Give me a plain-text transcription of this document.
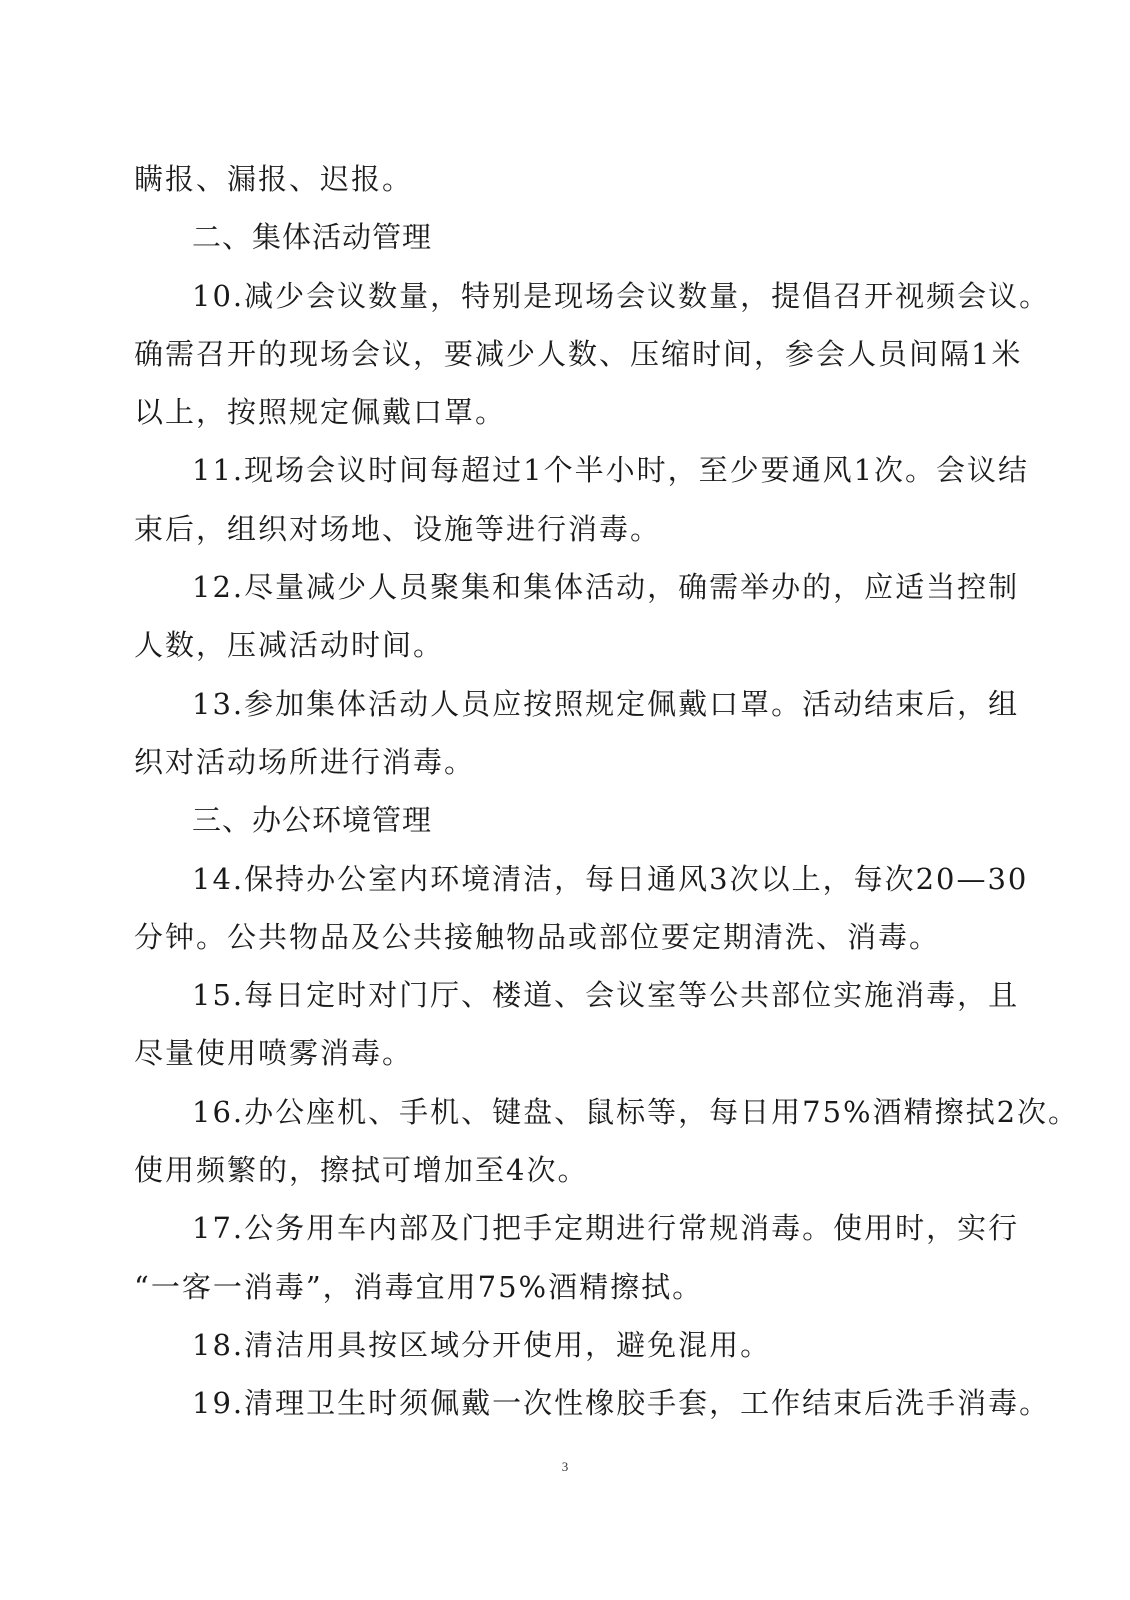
瞒报、漏报、迟报。
二、集体活动管理
10.减少会议数量，特别是现场会议数量，提倡召开视频会议。
确需召开的现场会议，要减少人数、压缩时间，参会人员间隔1米
以上，按照规定佩戴口罩。
11.现场会议时间每超过1个半小时，至少要通风1次。会议结
束后，组织对场地、设施等进行消毒。
12.尽量减少人员聚集和集体活动，确需举办的，应适当控制
人数，压减活动时间。
13.参加集体活动人员应按照规定佩戴口罩。活动结束后，组
织对活动场所进行消毒。
三、办公环境管理
14.保持办公室内环境清洁，每日通风3次以上，每次20—30
分钟。公共物品及公共接触物品或部位要定期清洗、消毒。
15.每日定时对门厅、楼道、会议室等公共部位实施消毒，且
尽量使用喷雾消毒。
16.办公座机、手机、键盘、鼠标等，每日用75%酒精擦拭2次。
使用频繁的，擦拭可增加至4次。
17.公务用车内部及门把手定期进行常规消毒。使用时，实行
“一客一消毒”，消毒宜用75%酒精擦拭。
18.清洁用具按区域分开使用，避免混用。
19.清理卫生时须佩戴一次性橡胶手套，工作结束后洗手消毒。
3
